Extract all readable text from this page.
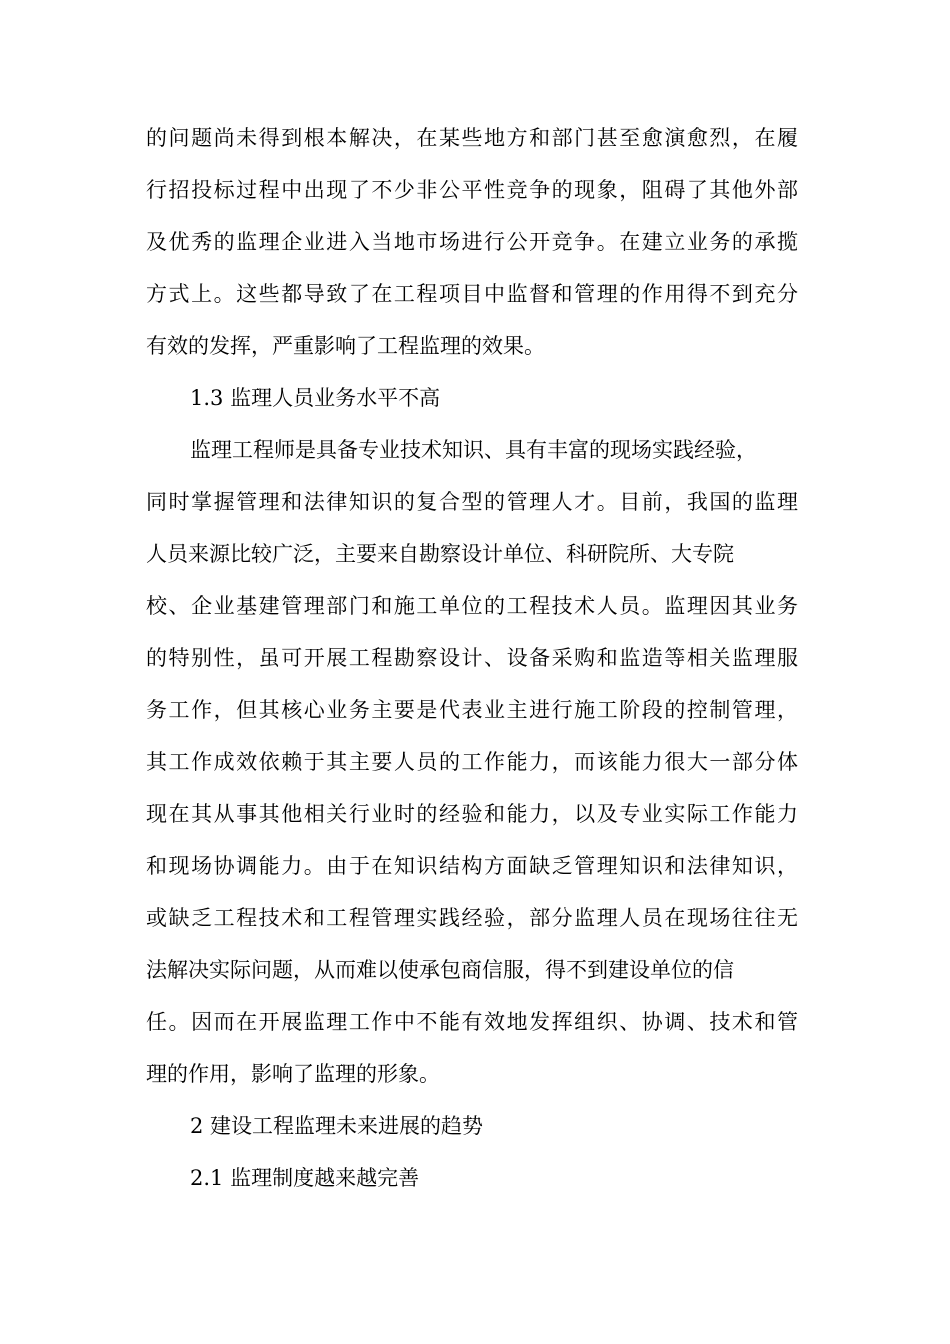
的问题尚未得到根本解决，在某些地方和部门甚至愈演愈烈，在履
行招投标过程中出现了不少非公平性竞争的现象，阻碍了其他外部
及优秀的监理企业进入当地市场进行公开竞争。在建立业务的承揽
方式上。这些都导致了在工程项目中监督和管理的作用得不到充分
有效的发挥，严重影响了工程监理的效果。
1.3 监理人员业务水平不高
监理工程师是具备专业技术知识、具有丰富的现场实践经验，
同时掌握管理和法律知识的复合型的管理人才。目前，我国的监理
人员来源比较广泛，主要来自勘察设计单位、科研院所、大专院
校、企业基建管理部门和施工单位的工程技术人员。监理因其业务
的特别性，虽可开展工程勘察设计、设备采购和监造等相关监理服
务工作，但其核心业务主要是代表业主进行施工阶段的控制管理，
其工作成效依赖于其主要人员的工作能力，而该能力很大一部分体
现在其从事其他相关行业时的经验和能力，以及专业实际工作能力
和现场协调能力。由于在知识结构方面缺乏管理知识和法律知识，
或缺乏工程技术和工程管理实践经验，部分监理人员在现场往往无
法解决实际问题，从而难以使承包商信服，得不到建设单位的信
任。因而在开展监理工作中不能有效地发挥组织、协调、技术和管
理的作用，影响了监理的形象。
2 建设工程监理未来进展的趋势
2.1 监理制度越来越完善
